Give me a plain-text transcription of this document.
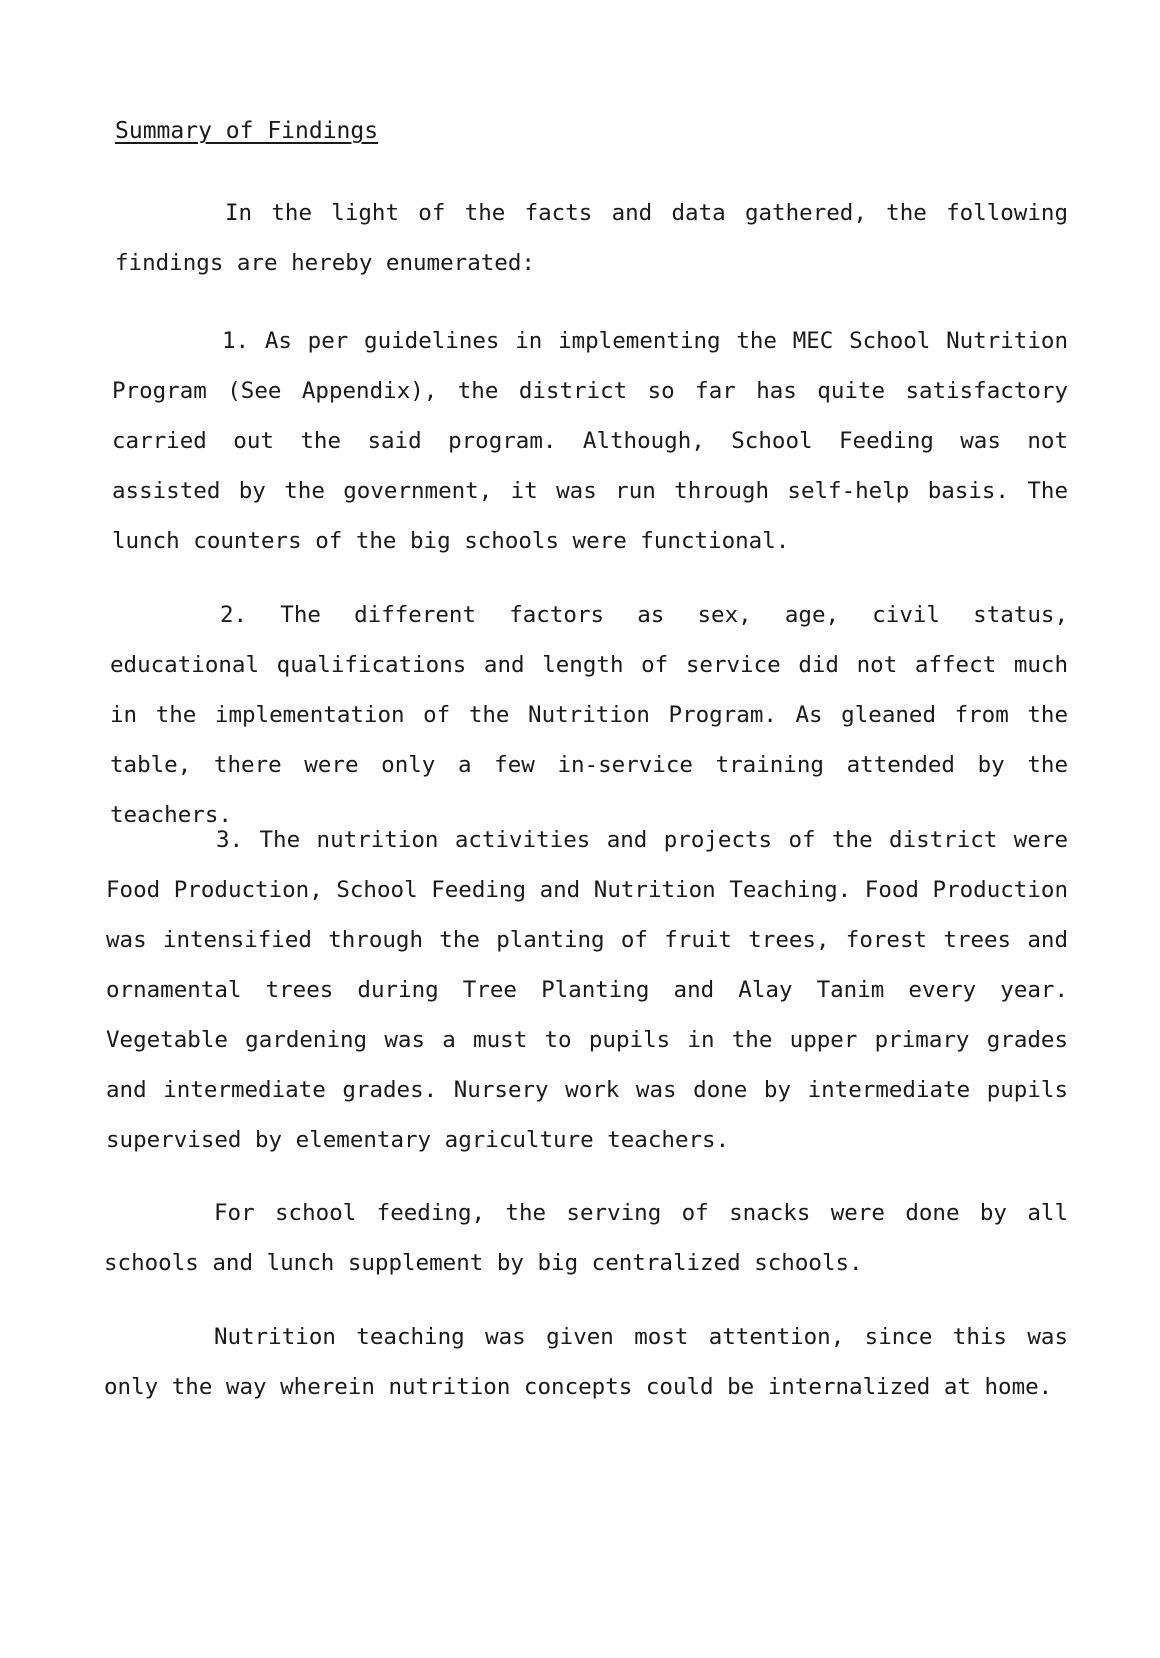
Summary of Findings

In the light of the facts and data gathered, the following findings are hereby enumerated:

1. As per guidelines in implementing the MEC School Nutrition Program (See Appendix), the district so far has quite satisfactory carried out the said program. Although, School Feeding was not assisted by the government, it was run through self-help basis. The lunch counters of the big schools were functional.

2. The different factors as sex, age, civil status, educational qualifications and length of service did not affect much in the implementation of the Nutrition Program. As gleaned from the table, there were only a few in-service training attended by the teachers.

3. The nutrition activities and projects of the district were Food Production, School Feeding and Nutrition Teaching. Food Production was intensified through the planting of fruit trees, forest trees and ornamental trees during Tree Planting and Alay Tanim every year. Vegetable gardening was a must to pupils in the upper primary grades and intermediate grades. Nursery work was done by intermediate pupils supervised by elementary agriculture teachers.

For school feeding, the serving of snacks were done by all schools and lunch supplement by big centralized schools.

Nutrition teaching was given most attention, since this was only the way wherein nutrition concepts could be internalized at home.
